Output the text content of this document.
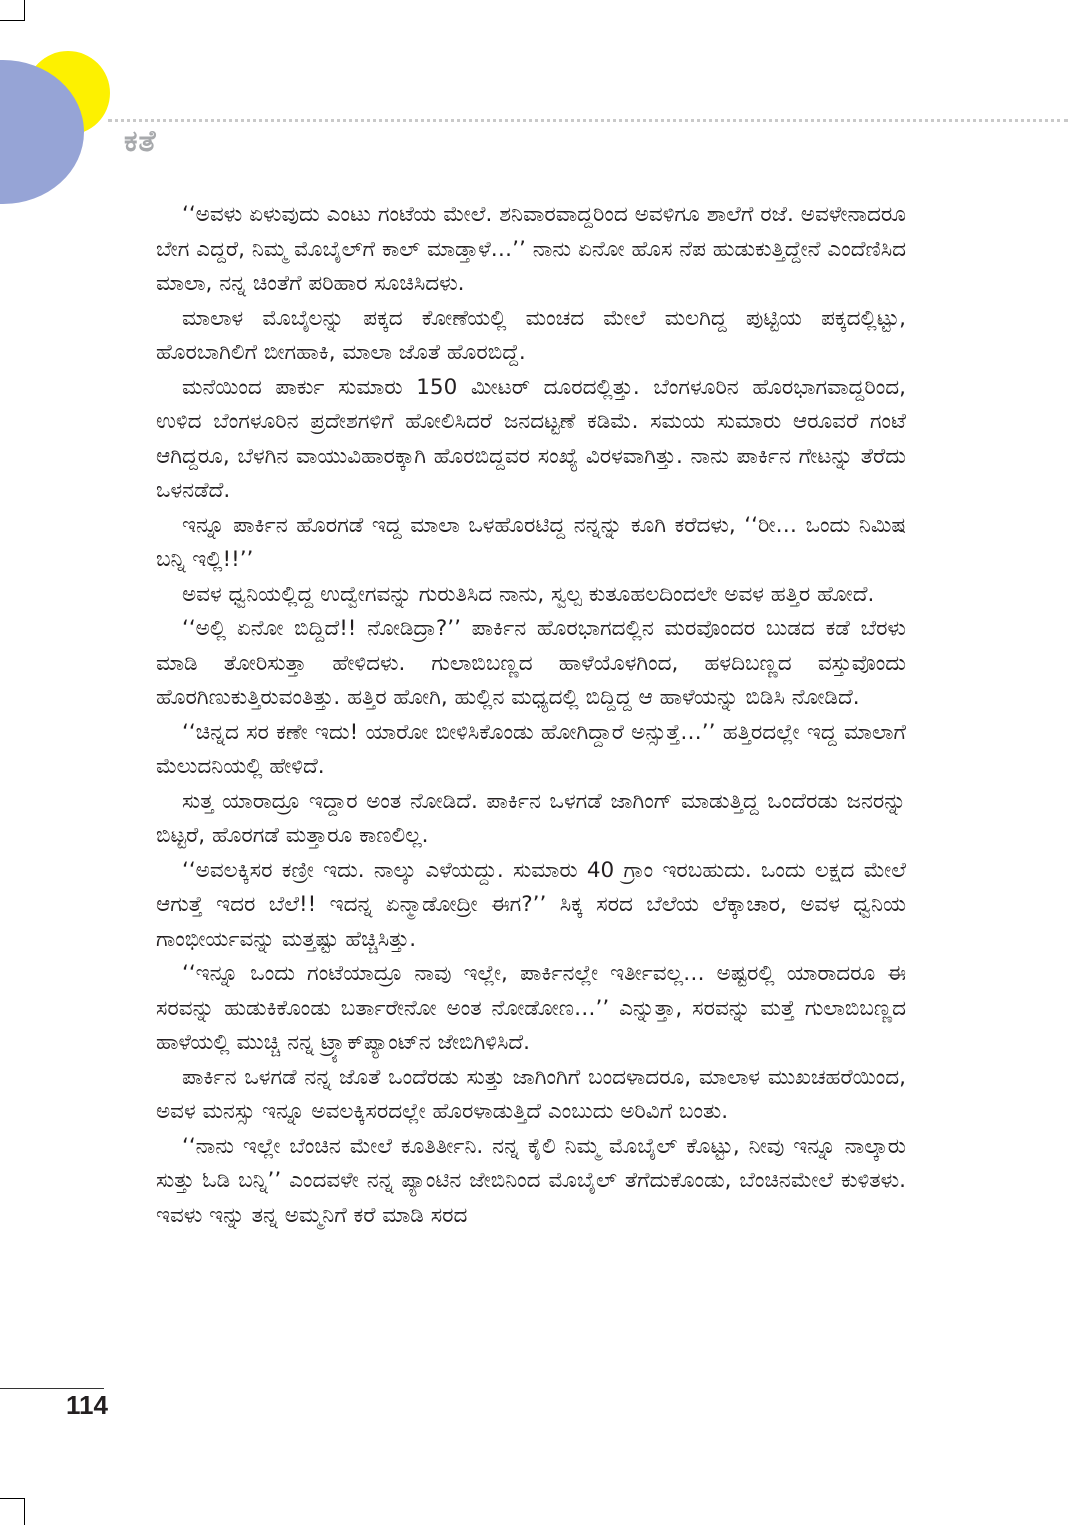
ಕತೆ

‘‘ಅವಳು ಏಳುವುದು ಎಂಟು ಗಂಟೆಯ ಮೇಲೆ. ಶನಿವಾರವಾದ್ದರಿಂದ ಅವಳಿಗೂ ಶಾಲೆಗೆ ರಜೆ. ಅವಳೇನಾದರೂ ಬೇಗ ಎದ್ದರೆ, ನಿಮ್ಮ ಮೊಬೈಲ್‌ಗೆ ಕಾಲ್ ಮಾಡ್ತಾಳೆ…’’ ನಾನು ಏನೋ ಹೊಸ ನೆಪ ಹುಡುಕುತ್ತಿದ್ದೇನೆ ಎಂದೆಣಿಸಿದ ಮಾಲಾ, ನನ್ನ ಚಿಂತೆಗೆ ಪರಿಹಾರ ಸೂಚಿಸಿದಳು.

ಮಾಲಾಳ ಮೊಬೈಲನ್ನು ಪಕ್ಕದ ಕೋಣೆಯಲ್ಲಿ ಮಂಚದ ಮೇಲೆ ಮಲಗಿದ್ದ ಪುಟ್ಟಿಯ ಪಕ್ಕದಲ್ಲಿಟ್ಟು, ಹೊರಬಾಗಿಲಿಗೆ ಬೀಗಹಾಕಿ, ಮಾಲಾ ಜೊತೆ ಹೊರಬಿದ್ದೆ.

ಮನೆಯಿಂದ ಪಾರ್ಕು ಸುಮಾರು 150 ಮೀಟರ್ ದೂರದಲ್ಲಿತ್ತು. ಬೆಂಗಳೂರಿನ ಹೊರಭಾಗವಾದ್ದರಿಂದ, ಉಳಿದ ಬೆಂಗಳೂರಿನ ಪ್ರದೇಶಗಳಿಗೆ ಹೋಲಿಸಿದರೆ ಜನದಟ್ಟಣೆ ಕಡಿಮೆ. ಸಮಯ ಸುಮಾರು ಆರೂವರೆ ಗಂಟೆ ಆಗಿದ್ದರೂ, ಬೆಳಗಿನ ವಾಯುವಿಹಾರಕ್ಕಾಗಿ ಹೊರಬಿದ್ದವರ ಸಂಖ್ಯೆ ವಿರಳವಾಗಿತ್ತು. ನಾನು ಪಾರ್ಕಿನ ಗೇಟನ್ನು ತೆರೆದು ಒಳನಡೆದೆ.

ಇನ್ನೂ ಪಾರ್ಕಿನ ಹೊರಗಡೆ ಇದ್ದ ಮಾಲಾ ಒಳಹೊರಟಿದ್ದ ನನ್ನನ್ನು ಕೂಗಿ ಕರೆದಳು, ‘‘ರೀ… ಒಂದು ನಿಮಿಷ ಬನ್ನಿ ಇಲ್ಲಿ!!’’

ಅವಳ ಧ್ವನಿಯಲ್ಲಿದ್ದ ಉದ್ವೇಗವನ್ನು ಗುರುತಿಸಿದ ನಾನು, ಸ್ವಲ್ಪ ಕುತೂಹಲದಿಂದಲೇ ಅವಳ ಹತ್ತಿರ ಹೋದೆ.

‘‘ಅಲ್ಲಿ ಏನೋ ಬಿದ್ದಿದೆ!! ನೋಡಿದ್ರಾ?’’ ಪಾರ್ಕಿನ ಹೊರಭಾಗದಲ್ಲಿನ ಮರವೊಂದರ ಬುಡದ ಕಡೆ ಬೆರಳು ಮಾಡಿ ತೋರಿಸುತ್ತಾ ಹೇಳಿದಳು. ಗುಲಾಬಿಬಣ್ಣದ ಹಾಳೆಯೊಳಗಿಂದ, ಹಳದಿಬಣ್ಣದ ವಸ್ತುವೊಂದು ಹೊರಗಿಣುಕುತ್ತಿರುವಂತಿತ್ತು. ಹತ್ತಿರ ಹೋಗಿ, ಹುಲ್ಲಿನ ಮಧ್ಯದಲ್ಲಿ ಬಿದ್ದಿದ್ದ ಆ ಹಾಳೆಯನ್ನು ಬಿಡಿಸಿ ನೋಡಿದೆ.

‘‘ಚಿನ್ನದ ಸರ ಕಣೇ ಇದು! ಯಾರೋ ಬೀಳಿಸಿಕೊಂಡು ಹೋಗಿದ್ದಾರೆ ಅನ್ಸುತ್ತೆ…’’ ಹತ್ತಿರದಲ್ಲೇ ಇದ್ದ ಮಾಲಾಗೆ ಮೆಲುದನಿಯಲ್ಲಿ ಹೇಳಿದೆ.

ಸುತ್ತ ಯಾರಾದ್ರೂ ಇದ್ದಾರ ಅಂತ ನೋಡಿದೆ. ಪಾರ್ಕಿನ ಒಳಗಡೆ ಜಾಗಿಂಗ್ ಮಾಡುತ್ತಿದ್ದ ಒಂದೆರಡು ಜನರನ್ನು ಬಿಟ್ಟರೆ, ಹೊರಗಡೆ ಮತ್ತಾರೂ ಕಾಣಲಿಲ್ಲ.

‘‘ಅವಲಕ್ಕಿಸರ ಕಣ್ರೀ ಇದು. ನಾಲ್ಕು ಎಳೆಯದ್ದು. ಸುಮಾರು 40 ಗ್ರಾಂ ಇರಬಹುದು. ಒಂದು ಲಕ್ಷದ ಮೇಲೆ ಆಗುತ್ತೆ ಇದರ ಬೆಲೆ!! ಇದನ್ನ ಏನ್ಮಾಡೋದ್ರೀ ಈಗ?’’ ಸಿಕ್ಕ ಸರದ ಬೆಲೆಯ ಲೆಕ್ಕಾಚಾರ, ಅವಳ ಧ್ವನಿಯ ಗಾಂಭೀರ್ಯವನ್ನು ಮತ್ತಷ್ಟು ಹೆಚ್ಚಿಸಿತ್ತು.

‘‘ಇನ್ನೂ ಒಂದು ಗಂಟೆಯಾದ್ರೂ ನಾವು ಇಲ್ಲೇ, ಪಾರ್ಕಿನಲ್ಲೇ ಇರ್ತೀವಲ್ಲ… ಅಷ್ಟರಲ್ಲಿ ಯಾರಾದರೂ ಈ ಸರವನ್ನು ಹುಡುಕಿಕೊಂಡು ಬರ್ತಾರೇನೋ ಅಂತ ನೋಡೋಣ…’’ ಎನ್ನುತ್ತಾ, ಸರವನ್ನು ಮತ್ತೆ ಗುಲಾಬಿಬಣ್ಣದ ಹಾಳೆಯಲ್ಲಿ ಮುಚ್ಚಿ ನನ್ನ ಟ್ರ್ಯಾಕ್‌ಪ್ಯಾಂಟ್‌ನ ಜೇಬಿಗಿಳಿಸಿದೆ.

ಪಾರ್ಕಿನ ಒಳಗಡೆ ನನ್ನ ಜೊತೆ ಒಂದೆರಡು ಸುತ್ತು ಜಾಗಿಂಗಿಗೆ ಬಂದಳಾದರೂ, ಮಾಲಾಳ ಮುಖಚಹರೆಯಿಂದ, ಅವಳ ಮನಸ್ಸು ಇನ್ನೂ ಅವಲಕ್ಕಿಸರದಲ್ಲೇ ಹೊರಳಾಡುತ್ತಿದೆ ಎಂಬುದು ಅರಿವಿಗೆ ಬಂತು.

‘‘ನಾನು ಇಲ್ಲೇ ಬೆಂಚಿನ ಮೇಲೆ ಕೂತಿರ್ತೀನಿ. ನನ್ನ ಕೈಲಿ ನಿಮ್ಮ ಮೊಬೈಲ್ ಕೊಟ್ಟು, ನೀವು ಇನ್ನೂ ನಾಲ್ಕಾರು ಸುತ್ತು ಓಡಿ ಬನ್ನಿ’’ ಎಂದವಳೇ ನನ್ನ ಪ್ಯಾಂಟಿನ ಜೇಬಿನಿಂದ ಮೊಬೈಲ್ ತೆಗೆದುಕೊಂಡು, ಬೆಂಚಿನಮೇಲೆ ಕುಳಿತಳು. ಇವಳು ಇನ್ನು ತನ್ನ ಅಮ್ಮನಿಗೆ ಕರೆ ಮಾಡಿ ಸರದ

114
